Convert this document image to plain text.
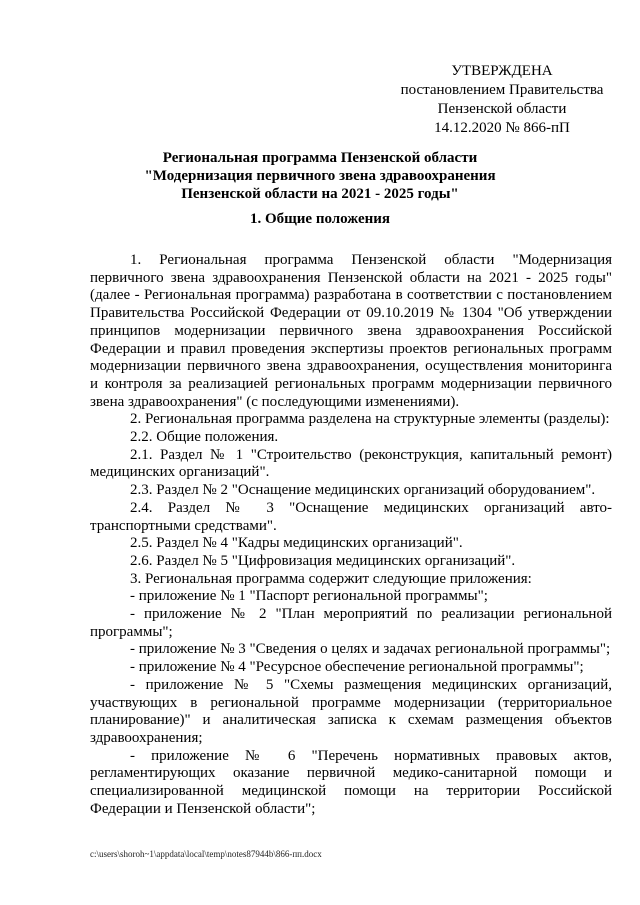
УТВЕРЖДЕНА
постановлением Правительства
Пензенской области
14.12.2020 № 866-пП
Региональная программа Пензенской области
"Модернизация первичного звена здравоохранения
Пензенской области на 2021 - 2025 годы"
1. Общие положения

1. Региональная программа Пензенской области "Модернизация первичного звена здравоохранения Пензенской области на 2021 - 2025 годы" (далее - Региональная программа) разработана в соответствии с постановлением Правительства Российской Федерации от 09.10.2019 № 1304 "Об утверждении принципов модернизации первичного звена здравоохранения Российской Федерации и правил проведения экспертизы проектов региональных программ модернизации первичного звена здравоохранения, осуществления мониторинга и контроля за реализацией региональных программ модернизации первичного звена здравоохранения" (с последующими изменениями).

2. Региональная программа разделена на структурные элементы (разделы):

2.2. Общие положения.

2.1. Раздел № 1 "Строительство (реконструкция, капитальный ремонт) медицинских организаций".

2.3. Раздел № 2 "Оснащение медицинских организаций оборудованием".

2.4. Раздел № 3 "Оснащение медицинских организаций авто-транспортными средствами".

2.5. Раздел № 4 "Кадры медицинских организаций".

2.6. Раздел № 5 "Цифровизация медицинских организаций".

3. Региональная программа содержит следующие приложения:

- приложение № 1 "Паспорт региональной программы";

- приложение № 2 "План мероприятий по реализации региональной программы";

- приложение № 3 "Сведения о целях и задачах региональной программы";

- приложение № 4 "Ресурсное обеспечение региональной программы";

- приложение № 5 "Схемы размещения медицинских организаций, участвующих в региональной программе модернизации (территориальное планирование)" и аналитическая записка к схемам размещения объектов здравоохранения;

- приложение № 6 "Перечень нормативных правовых актов, регламентирующих оказание первичной медико-санитарной помощи и специализированной медицинской помощи на территории Российской Федерации и Пензенской области";

c:\users\shoroh~1\appdata\local\temp\notes87944b\866-пп.docx
